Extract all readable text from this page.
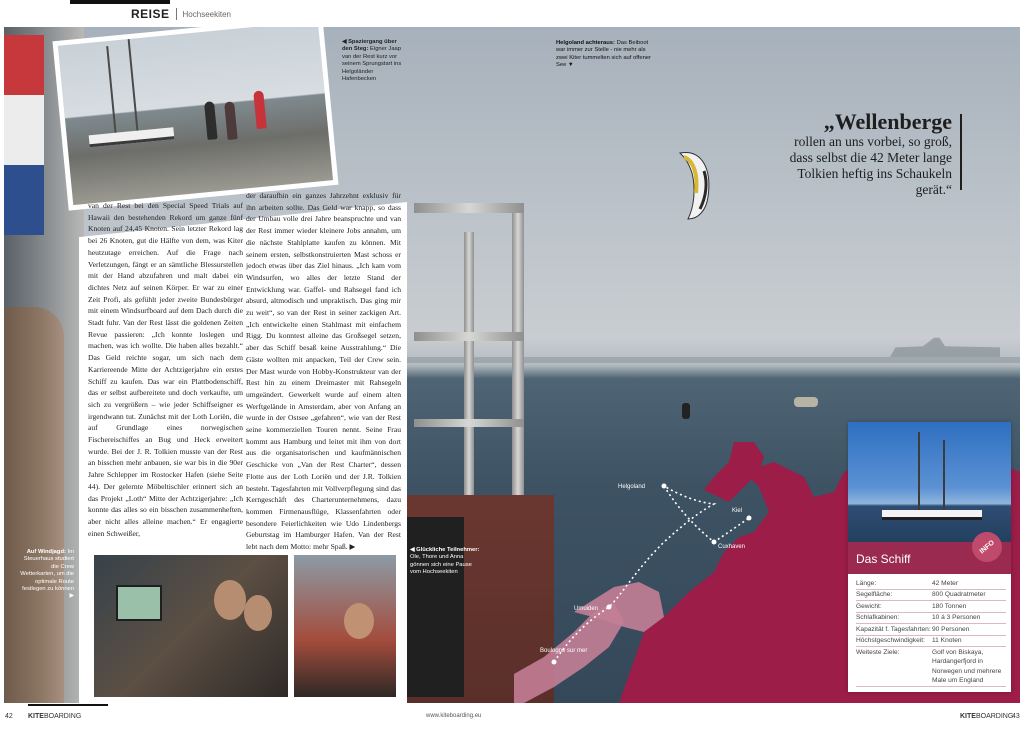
REISE Hochseekiten
Helgoland
Kiel
Cuxhaven
Umuiden
Boulogne sur mer
van der Rest bei den Special Speed Trials auf Hawaii den bestehenden Rekord um ganze fünf Knoten auf 24,45 Knoten. Sein letzter Rekord lag bei 26 Knoten, gut die Hälfte von dem, was Kiter heutzutage erreichen. Auf die Frage nach Verletzungen, fängt er an sämtliche Blessurstellen mit der Hand abzufahren und malt dabei ein dichtes Netz auf seinen Körper. Er war zu einer Zeit Profi, als gefühlt jeder zweite Bundesbürger mit einem Windsurfboard auf dem Dach durch die Stadt fuhr. Van der Rest lässt die goldenen Zeiten Revue passieren: „Ich konnte loslegen und machen, was ich wollte. Die haben alles bezahlt.“ Das Geld reichte sogar, um sich nach dem Karriereende Mitte der Achtzigerjahre ein erstes Schiff zu kaufen. Das war ein Plattbodenschiff, das er selbst aufbereitete und doch verkaufte, um sich zu vergrößern – wie jeder Schiffseigner es irgendwann tut. Zunächst mit der Loth Loriën, die auf Grundlage eines norwegischen Fischereischiffes an Bug und Heck erweitert wurde. Bei der J. R. Tolkien musste van der Rest an bisschen mehr anbauen, sie war bis in die 90er Jahre Schlepper im Rostocker Hafen (siehe Seite 44). Der gelernte Möbeltischler erinnert sich an das Projekt „Loth“ Mitte der Achtzigerjahre: „Ich konnte das alles so ein bisschen zusammenheften, aber nicht alles alleine machen.“ Er engagierte einen Schweißer,
der daraufhin ein ganzes Jahrzehnt exklusiv für ihn arbeiten sollte. Das Geld war knapp, so dass der Umbau volle drei Jahre beanspruchte und van der Rest immer wieder kleinere Jobs annahm, um die nächste Stahlplatte kaufen zu können. Mit seinem ersten, selbstkonstruierten Mast schoss er jedoch etwas über das Ziel hinaus. „Ich kam vom Windsurfen, wo alles der letzte Stand der Entwicklung war. Gaffel- und Rahsegel fand ich absurd, altmodisch und unpraktisch. Das ging mir zu weit“, so van der Rest in seiner zackigen Art. „Ich entwickelte einen Stahlmast mit einfachem Rigg. Du konntest alleine das Großsegel setzen, aber das Schiff besaß keine Ausstrahlung.“ Die Gäste wollten mit anpacken, Teil der Crew sein. Der Mast wurde von Hobby-Konstrukteur van der Rest hin zu einem Dreimaster mit Rahsegeln umgeändert. Gewerkelt wurde auf einem alten Werftgelände in Amsterdam, aber von Anfang an wurde in der Ostsee „gefahren“, wie van der Rest seine kommerziellen Touren nennt. Seine Frau kommt aus Hamburg und leitet mit ihm von dort aus die organisatorischen und kaufmännischen Geschicke von „Van der Rest Charter“, dessen Flotte aus der Loth Loriën und der J.R. Tolkien besteht. Tagesfahrten mit Vollverpflegung sind das Kerngeschäft des Charterunternehmens, dazu kommen Firmenausflüge, Klassenfahrten oder besondere Feierlichkeiten wie Udo Lindenbergs Geburtstag im Hamburger Hafen. Van der Rest lebt nach dem Motto: mehr Spaß. ▶
◀ Spaziergang über den Steg: Eigner Jaap van der Rest kurz vor seinem Sprungstart ins Helgoländer Hafenbecken
Helgoland achteraus: Das Beiboot war immer zur Stelle - nie mehr als zwei Kiter tummelten sich auf offener See ▼
Auf Windjagd: Im Steuerhaus studiert die Crew Wetterkarten, um die optimale Route festlegen zu können ▶
◀ Glückliche Teilnehmer: Ole, Thore und Anna gönnen sich eine Pause vom Hochseekiten
„Wellenberge
rollen an uns vorbei, so groß, dass selbst die 42 Meter lange Tolkien heftig ins Schaukeln gerät.“
Das Schiff
Länge:	42 Meter
Segelfläche:	800 Quadratmeter
Gewicht:	180 Tonnen
Schlafkabinen:	10 á 3 Personen
Kapazität f. Tagesfahrten: 90 Personen
Höchstgeschwindigkeit:	11 Knoten
Weiteste Ziele:	Golf von Biskaya, Hardangerfjord in Norwegen und mehrere Male um England
INFO
42 KITEBOARDING	www.kiteboarding.eu	KITEBOARDING
43
